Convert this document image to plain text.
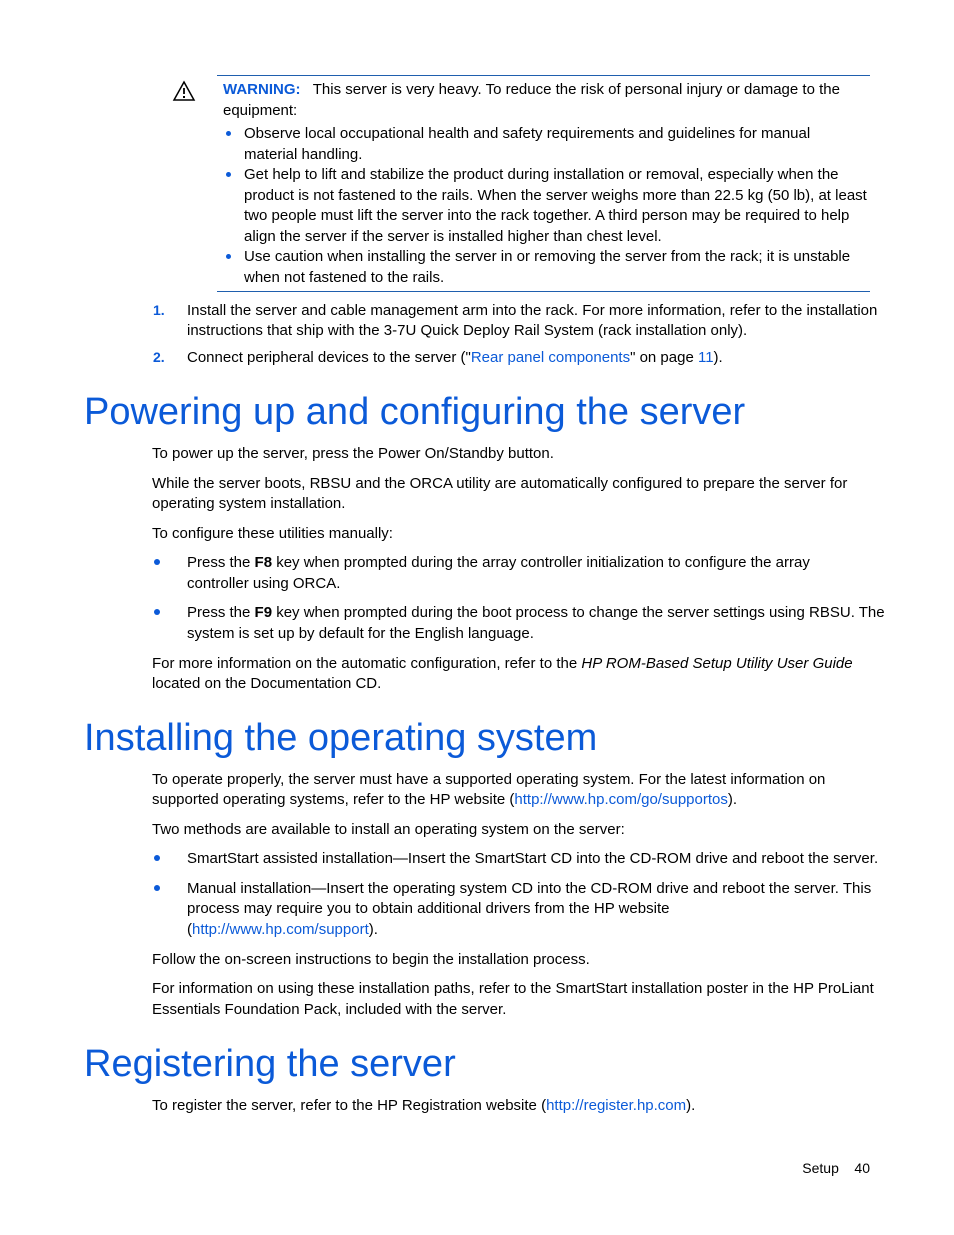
WARNING: This server is very heavy. To reduce the risk of personal injury or damage to the
equipment:
Observe local occupational health and safety requirements and guidelines for manual
material handling.
Get help to lift and stabilize the product during installation or removal, especially when the
product is not fastened to the rails. When the server weighs more than 22.5 kg (50 lb), at least
two people must lift the server into the rack together. A third person may be required to help
align the server if the server is installed higher than chest level.
Use caution when installing the server in or removing the server from the rack; it is unstable
when not fastened to the rails.
1. Install the server and cable management arm into the rack. For more information, refer to the installation
instructions that ship with the 3-7U Quick Deploy Rail System (rack installation only).
2. Connect peripheral devices to the server ("Rear panel components" on page 11).
Powering up and configuring the server
To power up the server, press the Power On/Standby button.
While the server boots, RBSU and the ORCA utility are automatically configured to prepare the server for
operating system installation.
To configure these utilities manually:
Press the F8 key when prompted during the array controller initialization to configure the array
controller using ORCA.
Press the F9 key when prompted during the boot process to change the server settings using RBSU. The
system is set up by default for the English language.
For more information on the automatic configuration, refer to the HP ROM-Based Setup Utility User Guide
located on the Documentation CD.
Installing the operating system
To operate properly, the server must have a supported operating system. For the latest information on
supported operating systems, refer to the HP website (http://www.hp.com/go/supportos).
Two methods are available to install an operating system on the server:
SmartStart assisted installation—Insert the SmartStart CD into the CD-ROM drive and reboot the server.
Manual installation—Insert the operating system CD into the CD-ROM drive and reboot the server. This
process may require you to obtain additional drivers from the HP website
(http://www.hp.com/support).
Follow the on-screen instructions to begin the installation process.
For information on using these installation paths, refer to the SmartStart installation poster in the HP ProLiant
Essentials Foundation Pack, included with the server.
Registering the server
To register the server, refer to the HP Registration website (http://register.hp.com).
Setup 40
